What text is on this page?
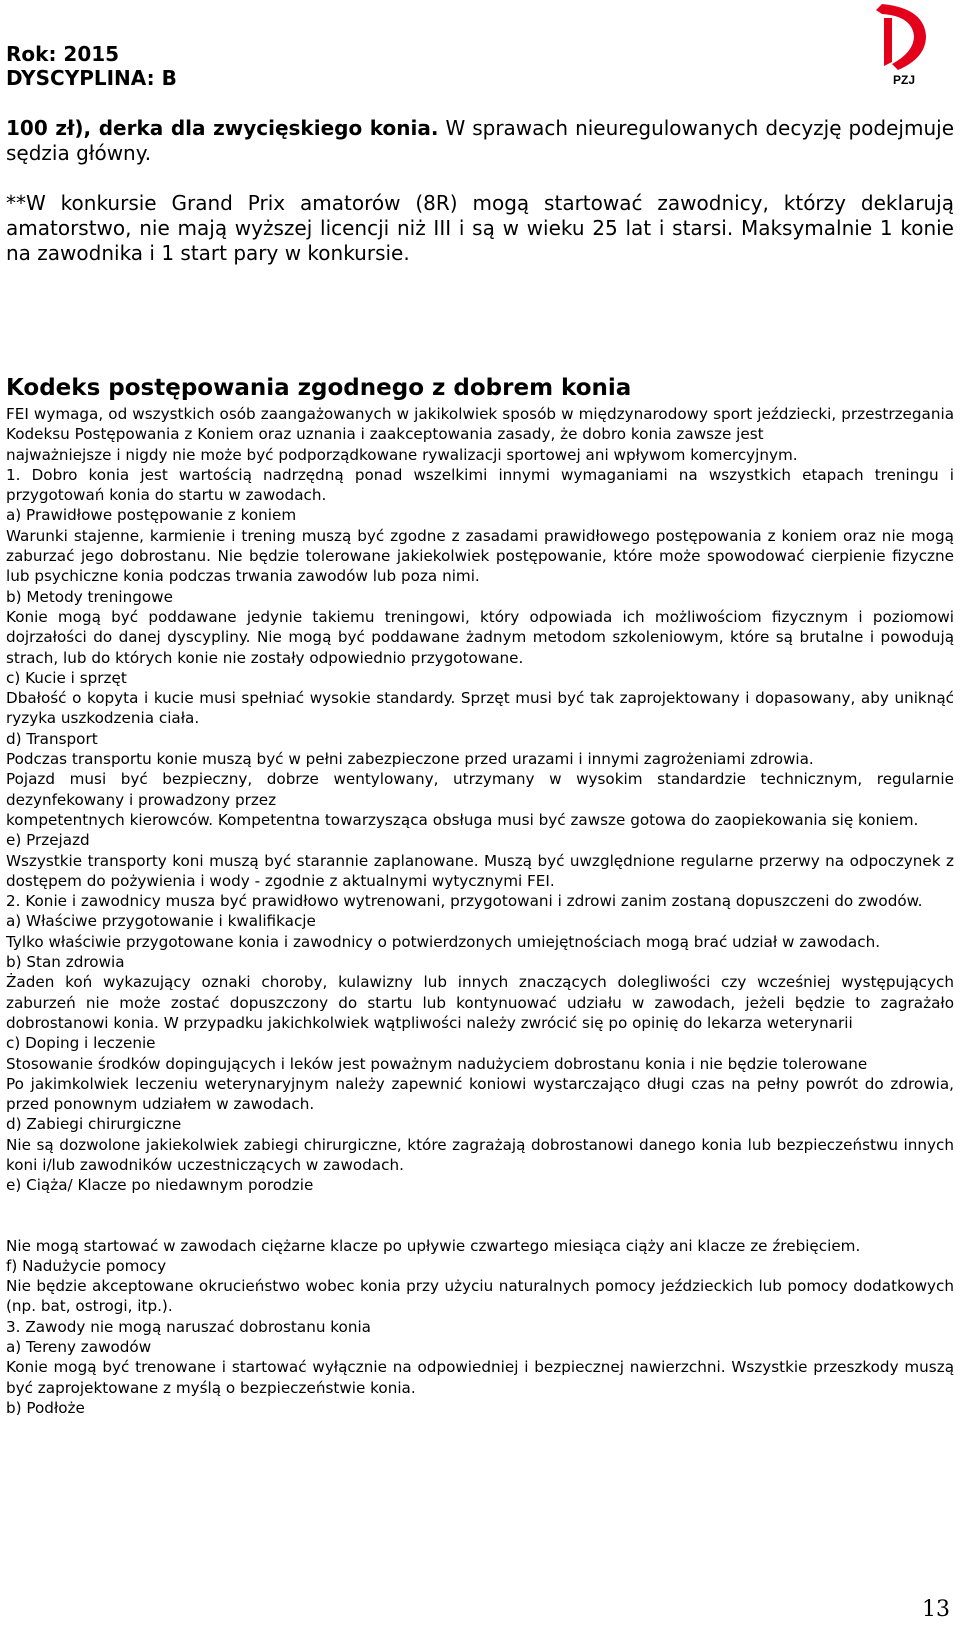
Rok: 2015
DYSCYPLINA: B	PZJ

100 zł), derka dla zwycięskiego konia. W sprawach nieuregulowanych decyzję podejmuje sędzia główny.

**W konkursie Grand Prix amatorów (8R) mogą startować zawodnicy, którzy deklarują amatorstwo, nie mają wyższej licencji niż III i są w wieku 25 lat i starsi. Maksymalnie 1 konie na zawodnika i 1 start pary w konkursie.

Kodeks postępowania zgodnego z dobrem konia

FEI wymaga, od wszystkich osób zaangażowanych w jakikolwiek sposób w międzynarodowy sport jeździecki, przestrzegania Kodeksu Postępowania z Koniem oraz uznania i zaakceptowania zasady, że dobro konia zawsze jest

najważniejsze i nigdy nie może być podporządkowane rywalizacji sportowej ani wpływom komercyjnym.

1. Dobro konia jest wartością nadrzędną ponad wszelkimi innymi wymaganiami na wszystkich etapach treningu i przygotowań konia do startu w zawodach.

a) Prawidłowe postępowanie z koniem

Warunki stajenne, karmienie i trening muszą być zgodne z zasadami prawidłowego postępowania z koniem oraz nie mogą zaburzać jego dobrostanu. Nie będzie tolerowane jakiekolwiek postępowanie, które może spowodować cierpienie fizyczne lub psychiczne konia podczas trwania zawodów lub poza nimi.

b) Metody treningowe

Konie mogą być poddawane jedynie takiemu treningowi, który odpowiada ich możliwościom fizycznym i poziomowi dojrzałości do danej dyscypliny. Nie mogą być poddawane żadnym metodom szkoleniowym, które są brutalne i powodują strach, lub do których konie nie zostały odpowiednio przygotowane.

c) Kucie i sprzęt

Dbałość o kopyta i kucie musi spełniać wysokie standardy. Sprzęt musi być tak zaprojektowany i dopasowany, aby uniknąć ryzyka uszkodzenia ciała.

d) Transport

Podczas transportu konie muszą być w pełni zabezpieczone przed urazami i innymi zagrożeniami zdrowia.

Pojazd musi być bezpieczny, dobrze wentylowany, utrzymany w wysokim standardzie technicznym, regularnie dezynfekowany i prowadzony przez

kompetentnych kierowców. Kompetentna towarzysząca obsługa musi być zawsze gotowa do zaopiekowania się koniem.

e) Przejazd

Wszystkie transporty koni muszą być starannie zaplanowane. Muszą być uwzględnione regularne przerwy na odpoczynek z dostępem do pożywienia i wody - zgodnie z aktualnymi wytycznymi FEI.

2. Konie i zawodnicy musza być prawidłowo wytrenowani, przygotowani i zdrowi zanim zostaną dopuszczeni do zwodów.

a) Właściwe przygotowanie i kwalifikacje

Tylko właściwie przygotowane konia i zawodnicy o potwierdzonych umiejętnościach mogą brać udział w zawodach.

b) Stan zdrowia

Żaden koń wykazujący oznaki choroby, kulawizny lub innych znaczących dolegliwości czy wcześniej występujących zaburzeń nie może zostać dopuszczony do startu lub kontynuować udziału w zawodach, jeżeli będzie to zagrażało dobrostanowi konia. W przypadku jakichkolwiek wątpliwości należy zwrócić się po opinię do lekarza weterynarii

c) Doping i leczenie

Stosowanie środków dopingujących i leków jest poważnym nadużyciem dobrostanu konia i nie będzie tolerowane

Po jakimkolwiek leczeniu weterynaryjnym należy zapewnić koniowi wystarczająco długi czas na pełny powrót do zdrowia, przed ponownym udziałem w zawodach.

d) Zabiegi chirurgiczne

Nie są dozwolone jakiekolwiek zabiegi chirurgiczne, które zagrażają dobrostanowi danego konia lub bezpieczeństwu innych koni i/lub zawodników uczestniczących w zawodach.

e) Ciąża/ Klacze po niedawnym porodzie

Nie mogą startować w zawodach ciężarne klacze po upływie czwartego miesiąca ciąży ani klacze ze źrebięciem.

f) Nadużycie pomocy

Nie będzie akceptowane okrucieństwo wobec konia przy użyciu naturalnych pomocy jeździeckich lub pomocy dodatkowych (np. bat, ostrogi, itp.).

3. Zawody nie mogą naruszać dobrostanu konia

a) Tereny zawodów

Konie mogą być trenowane i startować wyłącznie na odpowiedniej i bezpiecznej nawierzchni. Wszystkie przeszkody muszą być zaprojektowane z myślą o bezpieczeństwie konia.

b) Podłoże

13
